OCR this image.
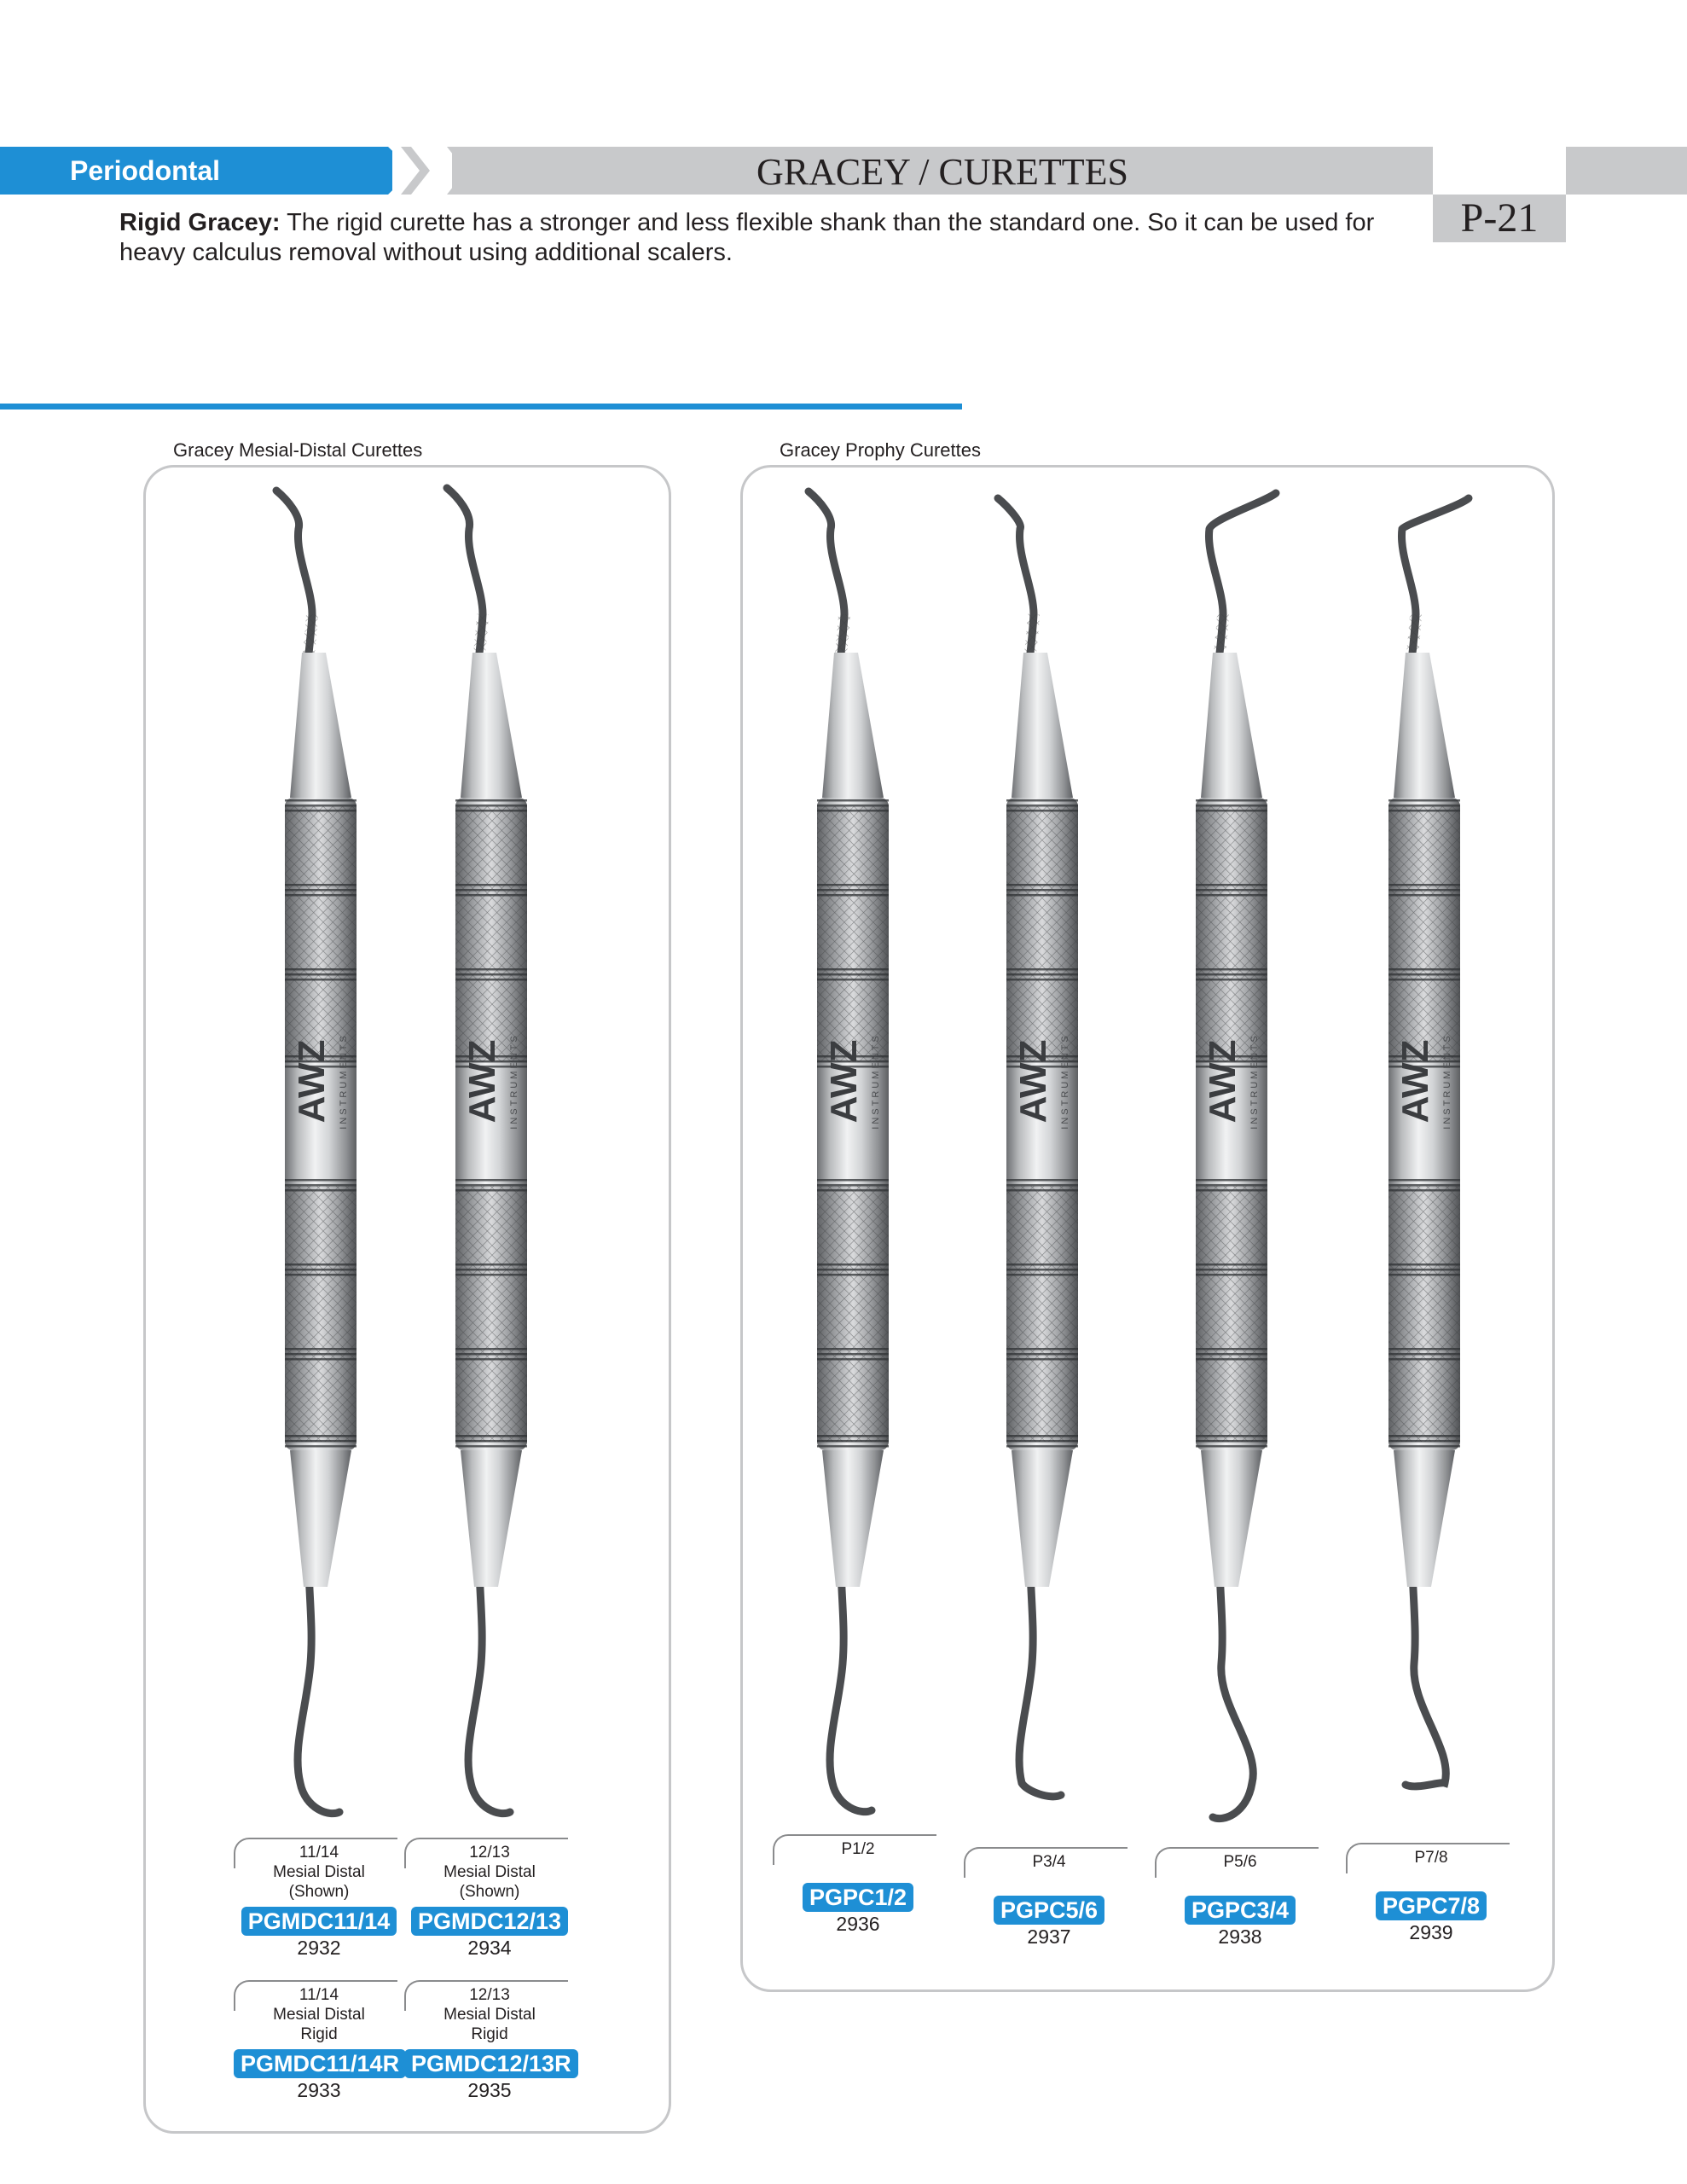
Periodontal	GRACEY / CURETTES
P-21
Rigid Gracey: The rigid curette has a stronger and less flexible shank than the standard one. So it can be used for heavy calculus removal without using additional scalers.
Gracey Mesial-Distal Curettes	Gracey Prophy Curettes
AWZ INSTRUMENTS	AWZ INSTRUMENTS	AWZ INSTRUMENTS	AWZ INSTRUMENTS	AWZ INSTRUMENTS	AWZ INSTRUMENTS
11/14
Mesial Distal
(Shown)
PGMDC11/14
2932
12/13
Mesial Distal
(Shown)
PGMDC12/13
2934
11/14
Mesial Distal
Rigid
PGMDC11/14R
2933
12/13
Mesial Distal
Rigid
PGMDC12/13R
2935
P1/2
PGPC1/2
2936
P3/4
PGPC5/6
2937
P5/6
PGPC3/4
2938
P7/8
PGPC7/8
2939
